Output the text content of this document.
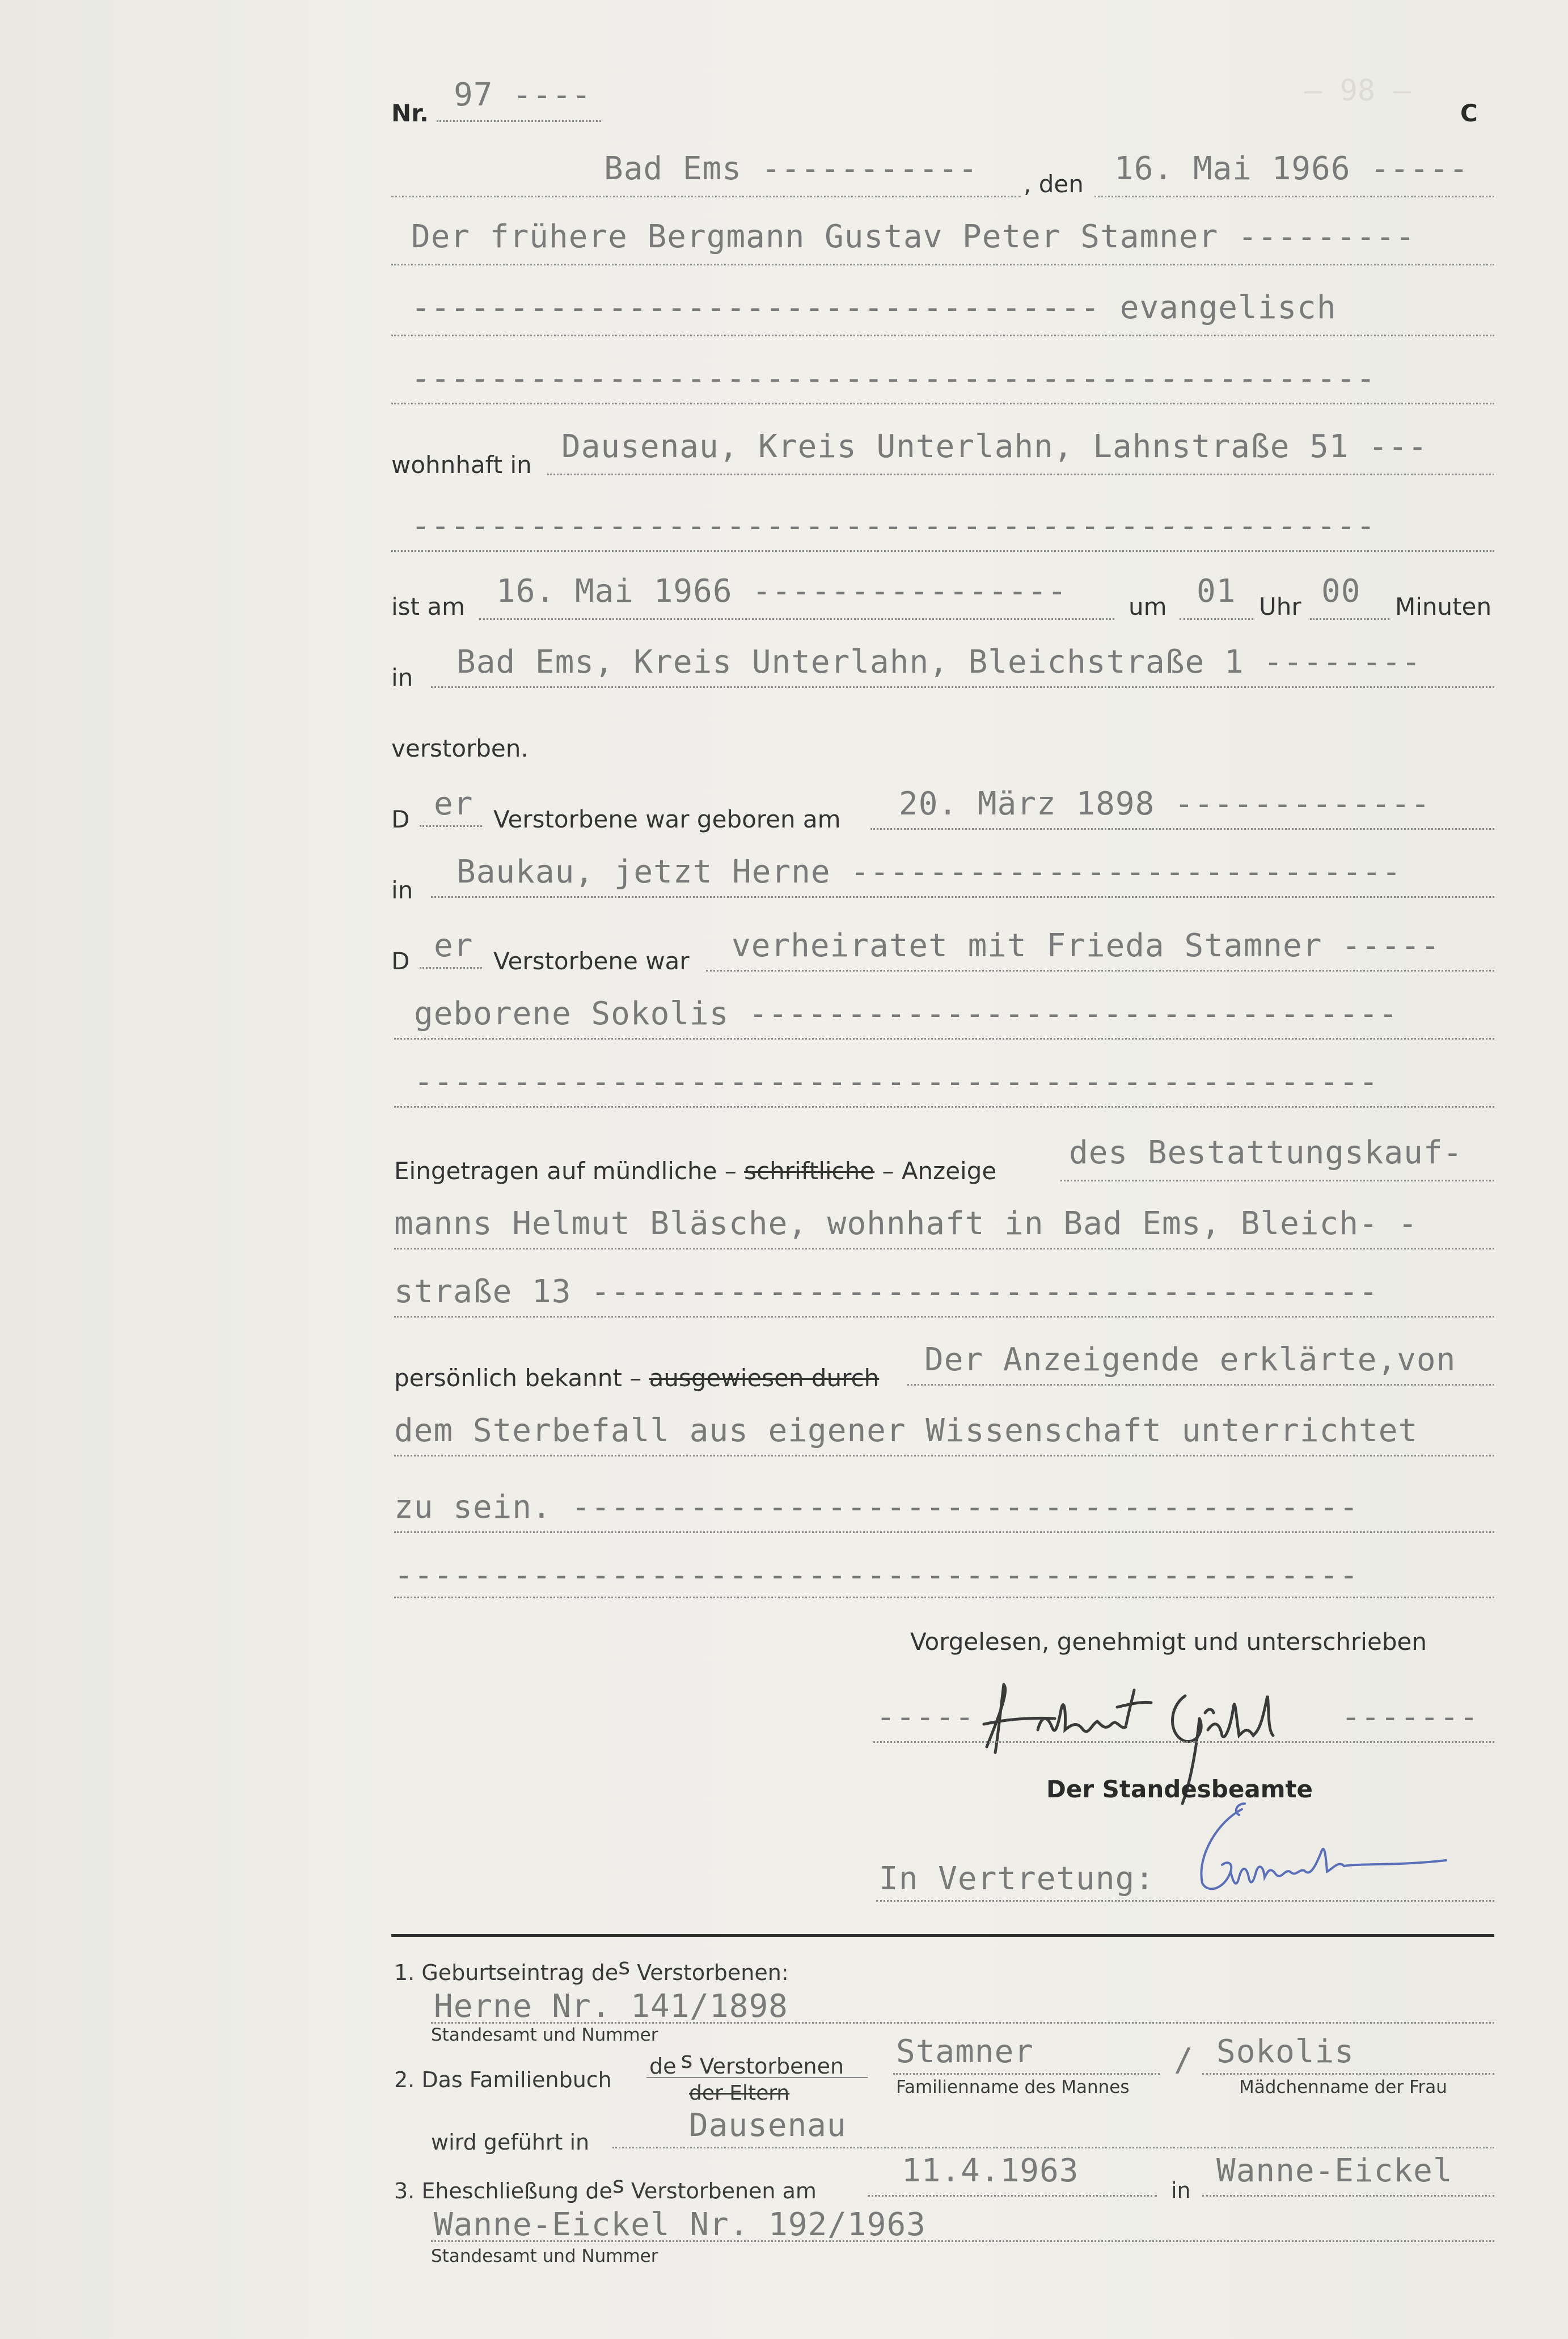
— 98 —
Nr. 97 ----	C
Bad Ems ----------- , den 16. Mai 1966 -----
Der frühere Bergmann Gustav Peter Stamner ---------
----------------------------------- evangelisch
-------------------------------------------------
wohnhaft in Dausenau, Kreis Unterlahn, Lahnstraße 51 ---
-------------------------------------------------
ist am 16. Mai 1966 ----------------	um 01 Uhr 00 Minuten
in Bad Ems, Kreis Unterlahn, Bleichstraße 1 --------
verstorben.
D er Verstorbene war geboren am 20. März 1898 -------------
in Baukau, jetzt Herne ----------------------------
D er Verstorbene war verheiratet mit Frieda Stamner -----
geborene Sokolis ---------------------------------
-------------------------------------------------
Eingetragen auf mündliche – schriftliche – Anzeige des Bestattungskauf-
manns Helmut Bläsche, wohnhaft in Bad Ems, Bleich- -
straße 13 ----------------------------------------
persönlich bekannt – ausgewiesen durch Der Anzeigende erklärte,von
dem Sterbefall aus eigener Wissenschaft unterrichtet
zu sein. ----------------------------------------
-------------------------------------------------
Vorgelesen, genehmigt und unterschrieben
-----	-------
Der Standesbeamte
In Vertretung:
1. Geburtseintrag des Verstorbenen:
Herne Nr. 141/1898
Standesamt und Nummer
2. Das Familienbuch
de s Verstorbenen
der Eltern
Stamner
Familienname des Mannes
/ Sokolis
Mädchenname der Frau
wird geführt in	Dausenau
3. Eheschließung des Verstorbenen am
11.4.1963
in
Wanne-Eickel
Wanne-Eickel Nr. 192/1963
Standesamt und Nummer
